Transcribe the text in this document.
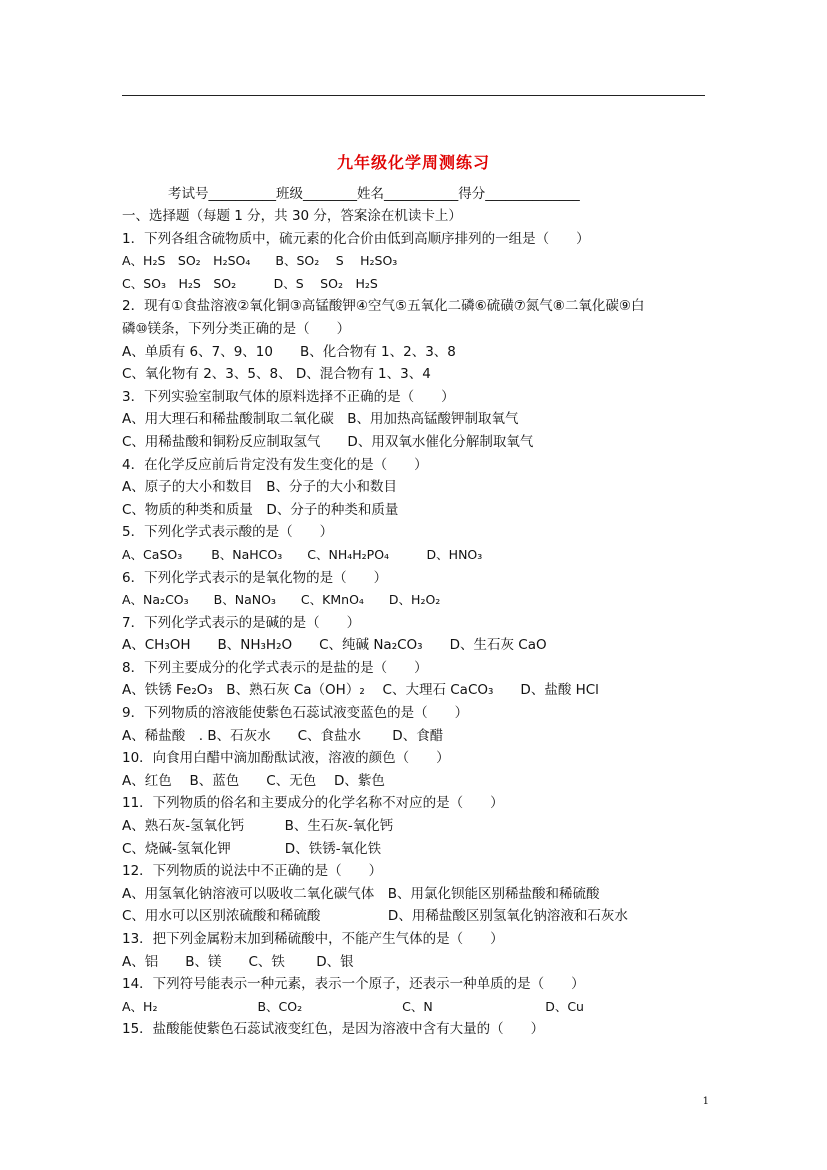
九年级化学周测练习
考试号__________班级________姓名___________得分______________
一、选择题（每题 1 分，共 30 分，答案涂在机读卡上）
1．下列各组含硫物质中，硫元素的化合价由低到高顺序排列的一组是（　　）
A、H₂S　SO₂　H₂SO₄　　B、SO₂　 S　 H₂SO₃
C、SO₃　H₂S　SO₂　　　D、S　 SO₂　H₂S
2．现有①食盐溶液②氧化铜③高锰酸钾④空气⑤五氧化二磷⑥硫磺⑦氮气⑧二氧化碳⑨白
磷⑩镁条，下列分类正确的是（　　）
A、单质有 6、7、9、10　　B、化合物有 1、2、3、8
C、氧化物有 2、3、5、8、 D、混合物有 1、3、4
3．下列实验室制取气体的原料选择不正确的是（　　）
A、用大理石和稀盐酸制取二氧化碳　B、用加热高锰酸钾制取氧气
C、用稀盐酸和铜粉反应制取氢气　　D、用双氧水催化分解制取氧气
4．在化学反应前后肯定没有发生变化的是（　　）
A、原子的大小和数目　B、分子的大小和数目
C、物质的种类和质量　D、分子的种类和质量
5．下列化学式表示酸的是（　　）
A、CaSO₃　　 B、NaHCO₃　　C、NH₄H₂PO₄　　　D、HNO₃
6．下列化学式表示的是氧化物的是（　　）
A、Na₂CO₃　　B、NaNO₃　　C、KMnO₄　　D、H₂O₂
7．下列化学式表示的是碱的是（　　）
A、CH₃OH　　B、NH₃H₂O　　C、纯碱 Na₂CO₃　　D、生石灰 CaO
8．下列主要成分的化学式表示的是盐的是（　　）
A、铁锈 Fe₂O₃　B、熟石灰 Ca（OH）₂　 C、大理石 CaCO₃　　D、盐酸 HCl
9．下列物质的溶液能使紫色石蕊试液变蓝色的是（　　）
A、稀盐酸　. B、石灰水　　C、食盐水　　 D、食醋
10．向食用白醋中滴加酚酞试液，溶液的颜色（　　）
A、红色　 B、蓝色　　C、无色　 D、紫色
11．下列物质的俗名和主要成分的化学名称不对应的是（　　）
A、熟石灰-氢氧化钙　　　B、生石灰-氧化钙
C、烧碱-氢氧化钾　　　　D、铁锈-氧化铁
12．下列物质的说法中不正确的是（　　）
A、用氢氧化钠溶液可以吸收二氧化碳气体　B、用氯化钡能区别稀盐酸和稀硫酸
C、用水可以区别浓硫酸和稀硫酸　　　　　D、用稀盐酸区别氢氧化钠溶液和石灰水
13．把下列金属粉末加到稀硫酸中，不能产生气体的是（　　）
A、铝　　B、镁　　C、铁　　 D、银
14．下列符号能表示一种元素，表示一个原子，还表示一种单质的是（　　）
A、H₂　　　　　　　　B、CO₂　　　　　　　　C、N　　　　　　　　　D、Cu
15．盐酸能使紫色石蕊试液变红色，是因为溶液中含有大量的（　　）
1
